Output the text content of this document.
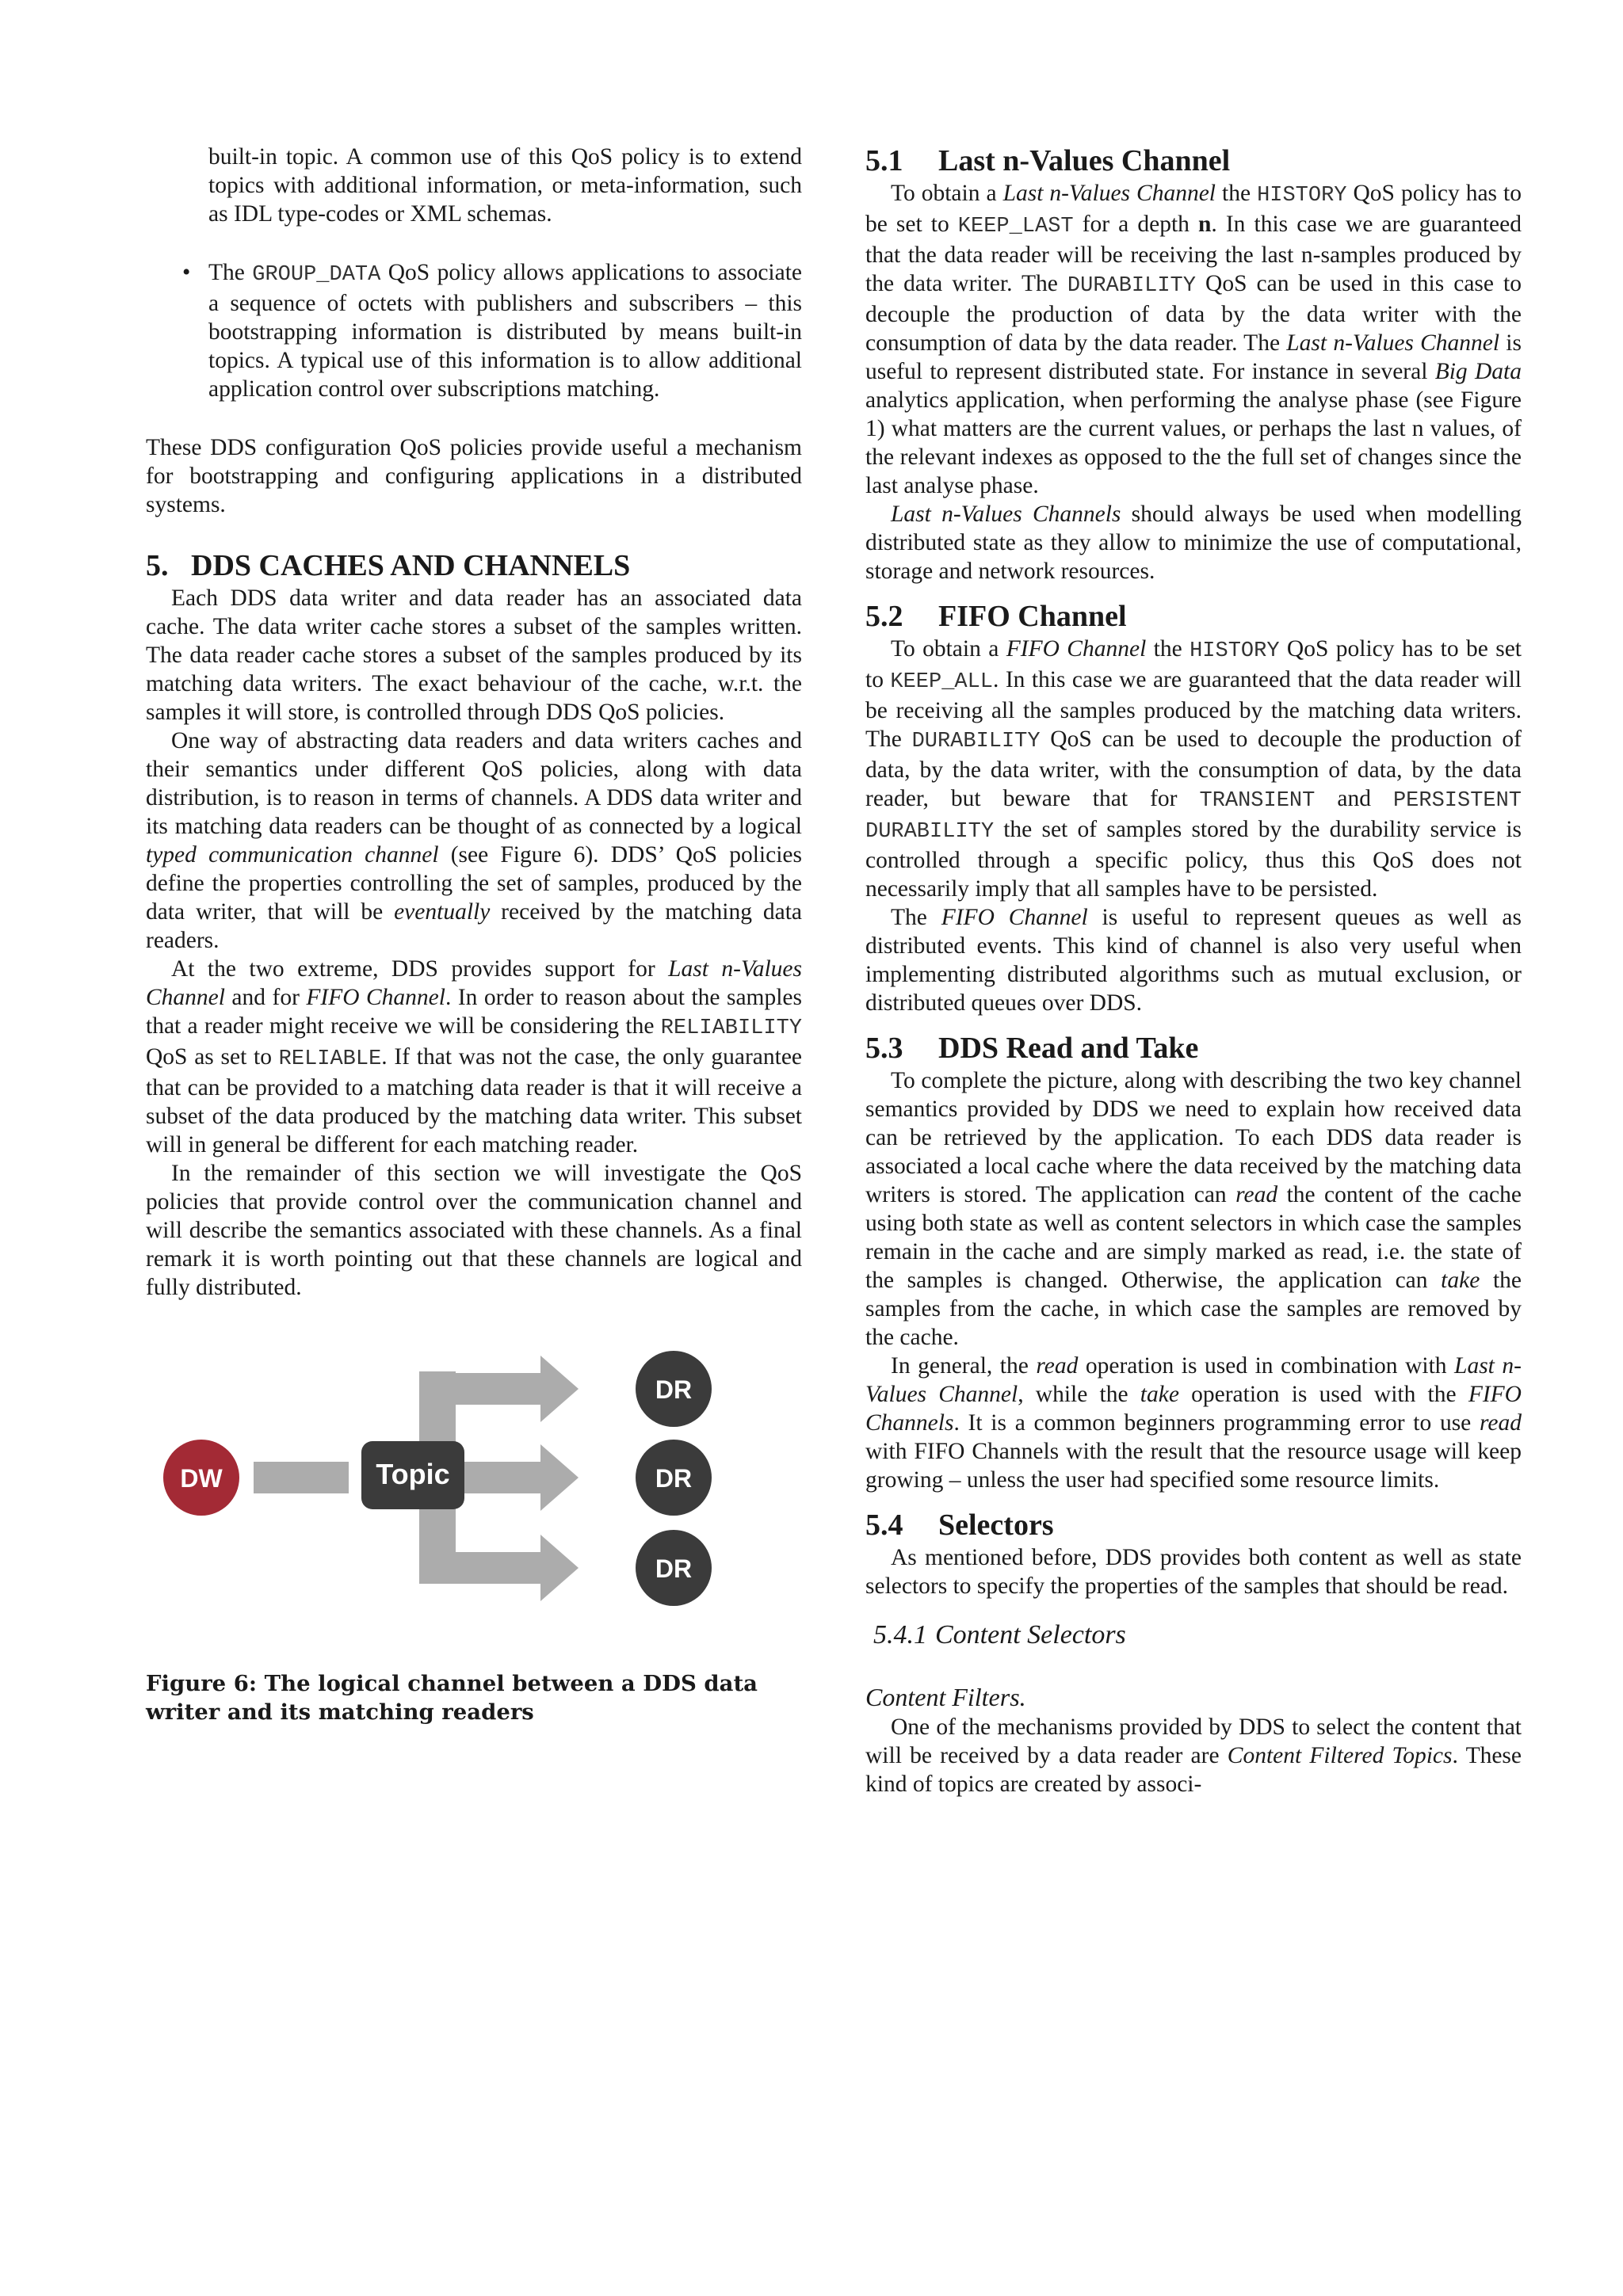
built-in topic. A common use of this QoS policy is to extend topics with additional information, or meta-information, such as IDL type-codes or XML schemas.

• The GROUP_DATA QoS policy allows applications to associate a sequence of octets with publishers and subscribers – this bootstrapping information is distributed by means built-in topics. A typical use of this information is to allow additional application control over subscriptions matching.

These DDS configuration QoS policies provide useful a mechanism for bootstrapping and configuring applications in a distributed systems.

5. DDS CACHES AND CHANNELS

Each DDS data writer and data reader has an associated data cache. The data writer cache stores a subset of the samples written. The data reader cache stores a subset of the samples produced by its matching data writers. The exact behaviour of the cache, w.r.t. the samples it will store, is controlled through DDS QoS policies.

One way of abstracting data readers and data writers caches and their semantics under different QoS policies, along with data distribution, is to reason in terms of channels. A DDS data writer and its matching data readers can be thought of as connected by a logical typed communication channel (see Figure 6). DDS’ QoS policies define the properties controlling the set of samples, produced by the data writer, that will be eventually received by the matching data readers.

At the two extreme, DDS provides support for Last n-Values Channel and for FIFO Channel. In order to reason about the samples that a reader might receive we will be considering the RELIABILITY QoS as set to RELIABLE. If that was not the case, the only guarantee that can be provided to a matching data reader is that it will receive a subset of the data produced by the matching data writer. This subset will in general be different for each matching reader.

In the remainder of this section we will investigate the QoS policies that provide control over the communication channel and will describe the semantics associated with these channels. As a final remark it is worth pointing out that these channels are logical and fully distributed.

DW	Topic
DR
DR
DR
Figure 6: The logical channel between a DDS data writer and its matching readers
5.1 Last n-Values Channel

To obtain a Last n-Values Channel the HISTORY QoS policy has to be set to KEEP_LAST for a depth n. In this case we are guaranteed that the data reader will be receiving the last n-samples produced by the data writer. The DURABILITY QoS can be used in this case to decouple the production of data by the data writer with the consumption of data by the data reader. The Last n-Values Channel is useful to represent distributed state. For instance in several Big Data analytics application, when performing the analyse phase (see Figure 1) what matters are the current values, or perhaps the last n values, of the relevant indexes as opposed to the the full set of changes since the last analyse phase.

Last n-Values Channels should always be used when modelling distributed state as they allow to minimize the use of computational, storage and network resources.

5.2 FIFO Channel

To obtain a FIFO Channel the HISTORY QoS policy has to be set to KEEP_ALL. In this case we are guaranteed that the data reader will be receiving all the samples produced by the matching data writers. The DURABILITY QoS can be used to decouple the production of data, by the data writer, with the consumption of data, by the data reader, but beware that for TRANSIENT and PERSISTENT DURABILITY the set of samples stored by the durability service is controlled through a specific policy, thus this QoS does not necessarily imply that all samples have to be persisted.

The FIFO Channel is useful to represent queues as well as distributed events. This kind of channel is also very useful when implementing distributed algorithms such as mutual exclusion, or distributed queues over DDS.

5.3 DDS Read and Take

To complete the picture, along with describing the two key channel semantics provided by DDS we need to explain how received data can be retrieved by the application. To each DDS data reader is associated a local cache where the data received by the matching data writers is stored. The application can read the content of the cache using both state as well as content selectors in which case the samples remain in the cache and are simply marked as read, i.e. the state of the samples is changed. Otherwise, the application can take the samples from the cache, in which case the samples are removed by the cache.

In general, the read operation is used in combination with Last n-Values Channel, while the take operation is used with the FIFO Channels. It is a common beginners programming error to use read with FIFO Channels with the result that the resource usage will keep growing – unless the user had specified some resource limits.

5.4 Selectors

As mentioned before, DDS provides both content as well as state selectors to specify the properties of the samples that should be read.

5.4.1 Content Selectors
Content Filters.

One of the mechanisms provided by DDS to select the content that will be received by a data reader are Content Filtered Topics. These kind of topics are created by associ-
